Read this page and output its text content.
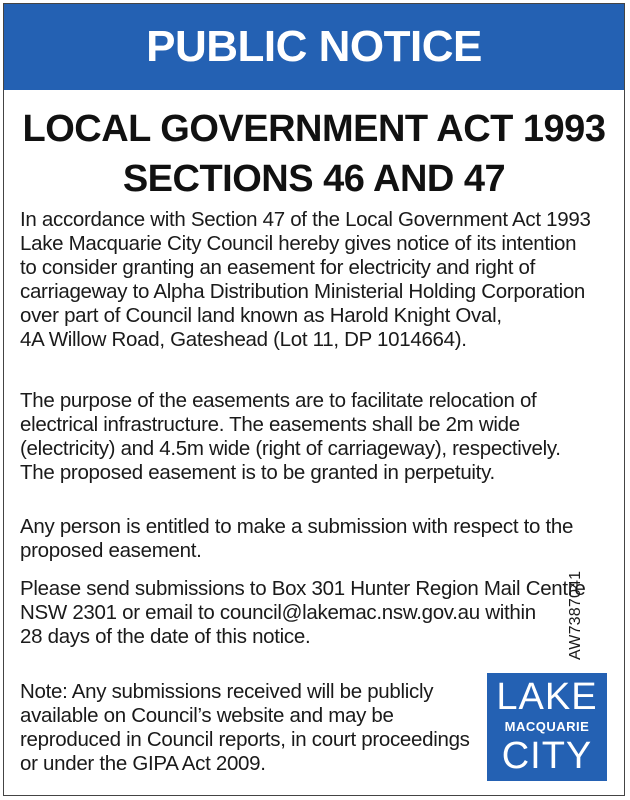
PUBLIC NOTICE
LOCAL GOVERNMENT ACT 1993
SECTIONS 46 AND 47
In accordance with Section 47 of the Local Government Act 1993
Lake Macquarie City Council hereby gives notice of its intention
to consider granting an easement for electricity and right of
carriageway to Alpha Distribution Ministerial Holding Corporation
over part of Council land known as Harold Knight Oval,
4A Willow Road, Gateshead (Lot 11, DP 1014664).
The purpose of the easements are to facilitate relocation of
electrical infrastructure. The easements shall be 2m wide
(electricity) and 4.5m wide (right of carriageway), respectively.
The proposed easement is to be granted in perpetuity.
Any person is entitled to make a submission with respect to the
proposed easement.
Please send submissions to Box 301 Hunter Region Mail Centre
NSW 2301 or email to council@lakemac.nsw.gov.au within
28 days of the date of this notice.
Note: Any submissions received will be publicly
available on Council’s website and may be
reproduced in Council reports, in court proceedings
or under the GIPA Act 2009.
AW7387041
LAKE
MACQUARIE
CITY
